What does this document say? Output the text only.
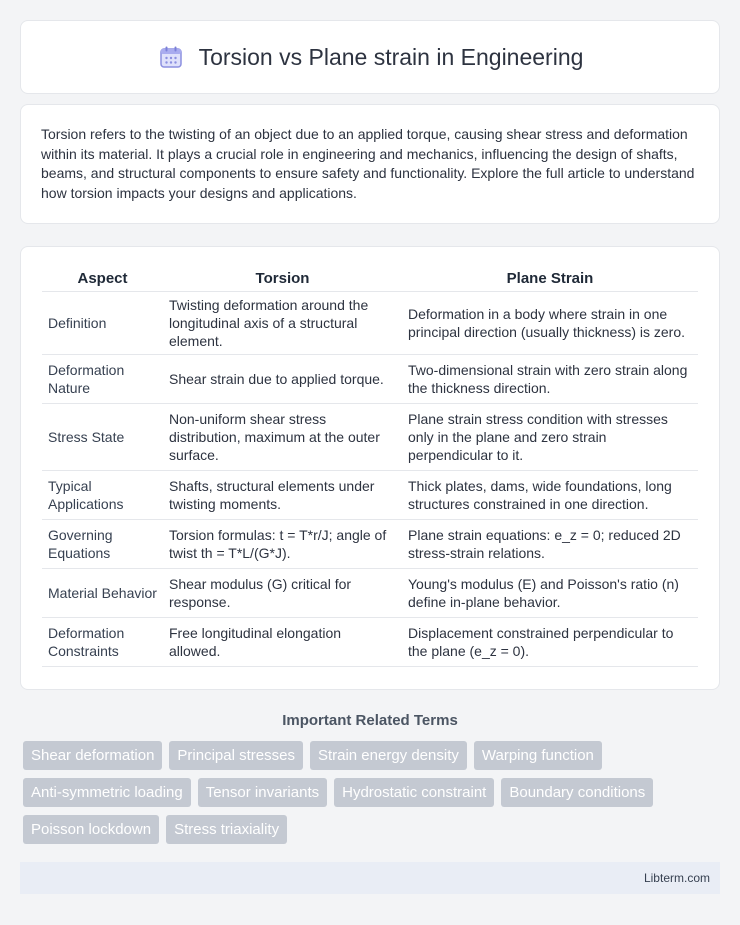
Torsion vs Plane strain in Engineering

Torsion refers to the twisting of an object due to an applied torque, causing shear stress and deformation within its material. It plays a crucial role in engineering and mechanics, influencing the design of shafts, beams, and structural components to ensure safety and functionality. Explore the full article to understand how torsion impacts your designs and applications.

Aspect	Torsion	Plane Strain
Definition	Twisting deformation around the longitudinal axis of a structural element.	Deformation in a body where strain in one principal direction (usually thickness) is zero.
Deformation Nature	Shear strain due to applied torque.	Two-dimensional strain with zero strain along the thickness direction.
Stress State	Non-uniform shear stress distribution, maximum at the outer surface.	Plane strain stress condition with stresses only in the plane and zero strain perpendicular to it.
Typical Applications	Shafts, structural elements under twisting moments.	Thick plates, dams, wide foundations, long structures constrained in one direction.
Governing Equations	Torsion formulas: t = T*r/J; angle of twist th = T*L/(G*J).	Plane strain equations: e_z = 0; reduced 2D stress-strain relations.
Material Behavior	Shear modulus (G) critical for response.	Young's modulus (E) and Poisson's ratio (n) define in-plane behavior.
Deformation Constraints	Free longitudinal elongation allowed.	Displacement constrained perpendicular to the plane (e_z = 0).
Important Related Terms
Shear deformation	Principal stresses	Strain energy density	Warping function
Anti-symmetric loading	Tensor invariants	Hydrostatic constraint	Boundary conditions
Poisson lockdown	Stress triaxiality
Libterm.com
